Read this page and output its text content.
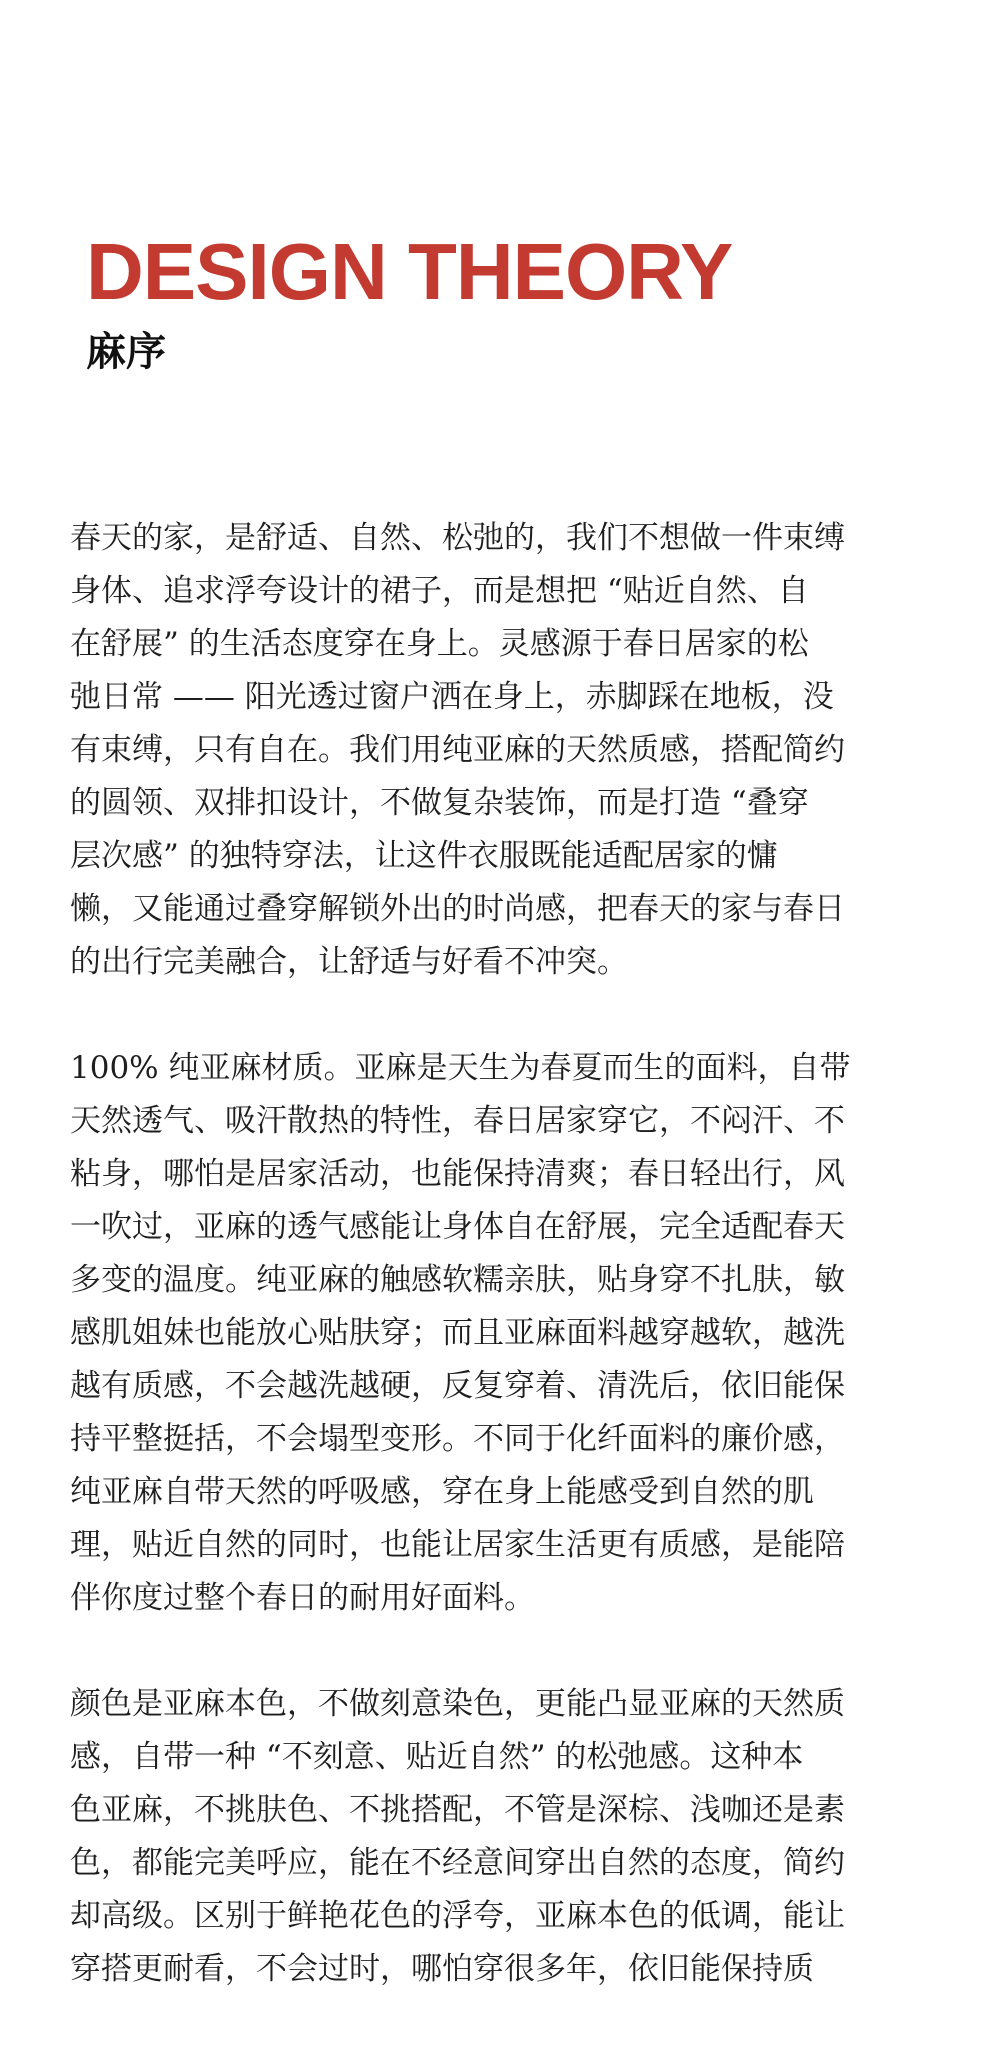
DESIGN THEORY
麻序

春天的家，是舒适、自然、松弛的，我们不想做一件束缚
身体、追求浮夸设计的裙子，而是想把 “贴近自然、自
在舒展” 的生活态度穿在身上。灵感源于春日居家的松
弛日常 —— 阳光透过窗户洒在身上，赤脚踩在地板，没
有束缚，只有自在。我们用纯亚麻的天然质感，搭配简约
的圆领、双排扣设计，不做复杂装饰，而是打造 “叠穿
层次感” 的独特穿法，让这件衣服既能适配居家的慵
懒，又能通过叠穿解锁外出的时尚感，把春天的家与春日
的出行完美融合，让舒适与好看不冲突。

100% 纯亚麻材质。亚麻是天生为春夏而生的面料，自带
天然透气、吸汗散热的特性，春日居家穿它，不闷汗、不
粘身，哪怕是居家活动，也能保持清爽；春日轻出行，风
一吹过，亚麻的透气感能让身体自在舒展，完全适配春天
多变的温度。纯亚麻的触感软糯亲肤，贴身穿不扎肤，敏
感肌姐妹也能放心贴肤穿；而且亚麻面料越穿越软，越洗
越有质感，不会越洗越硬，反复穿着、清洗后，依旧能保
持平整挺括，不会塌型变形。不同于化纤面料的廉价感，
纯亚麻自带天然的呼吸感，穿在身上能感受到自然的肌
理，贴近自然的同时，也能让居家生活更有质感，是能陪
伴你度过整个春日的耐用好面料。

颜色是亚麻本色，不做刻意染色，更能凸显亚麻的天然质
感，自带一种 “不刻意、贴近自然” 的松弛感。这种本
色亚麻，不挑肤色、不挑搭配，不管是深棕、浅咖还是素
色，都能完美呼应，能在不经意间穿出自然的态度，简约
却高级。区别于鲜艳花色的浮夸，亚麻本色的低调，能让
穿搭更耐看，不会过时，哪怕穿很多年，依旧能保持质
